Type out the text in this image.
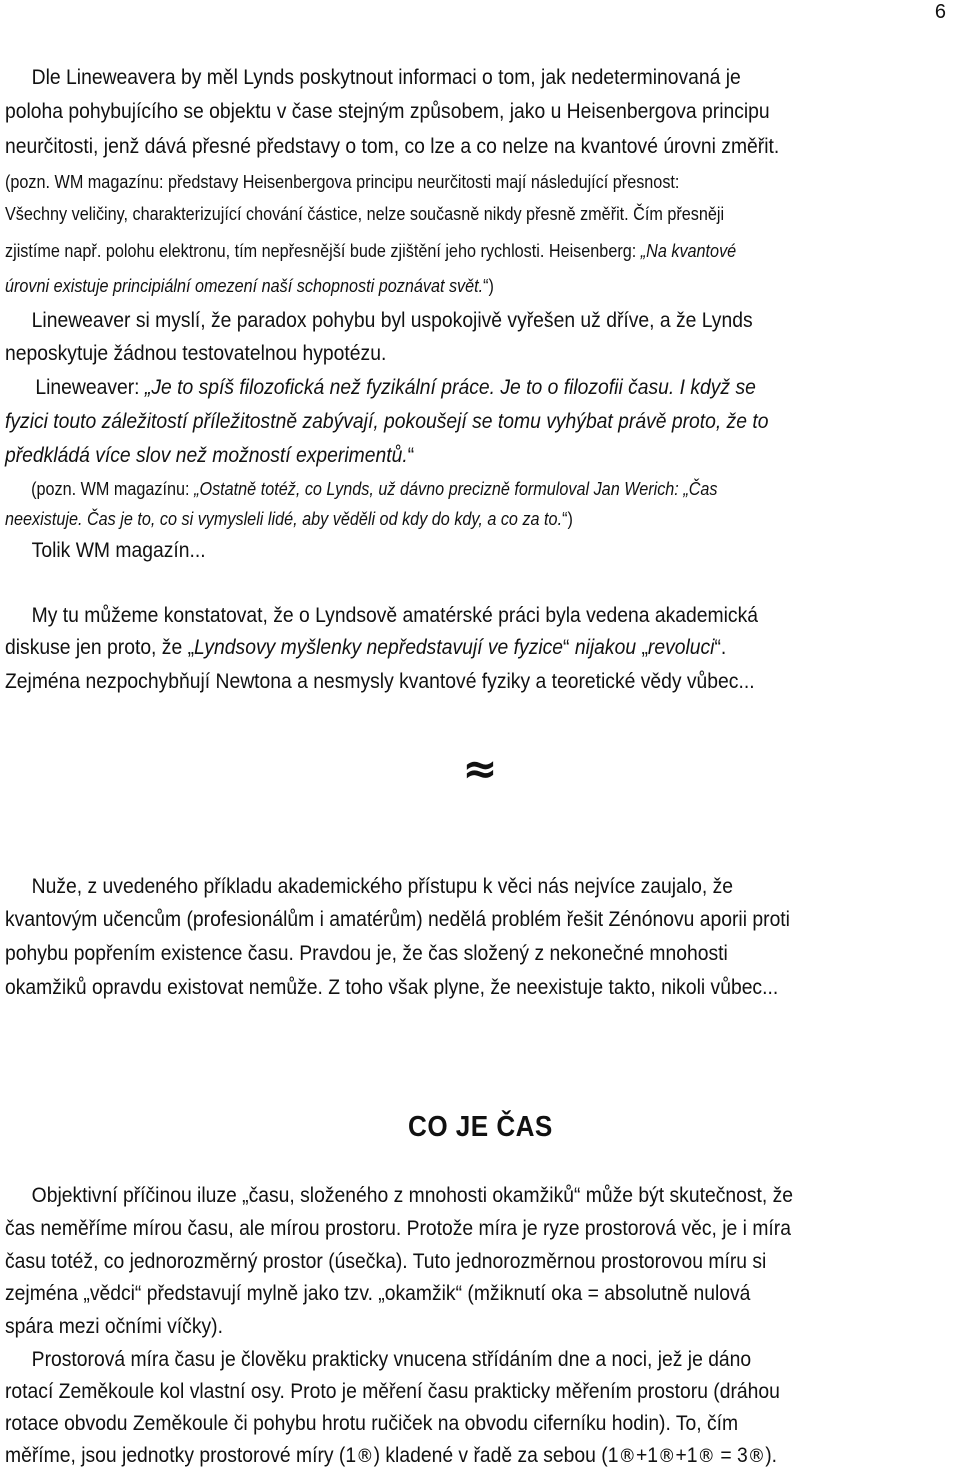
6
Dle Lineweavera by měl Lynds poskytnout informaci o tom, jak nedeterminovaná je
poloha pohybujícího se objektu v čase stejným způsobem, jako u Heisenbergova principu
neurčitosti, jenž dává přesné představy o tom, co lze a co nelze na kvantové úrovni změřit.
(pozn. WM magazínu: představy Heisenbergova principu neurčitosti mají následující přesnost:
Všechny veličiny, charakterizující chování částice, nelze současně nikdy přesně změřit. Čím přesněji
zjistíme např. polohu elektronu, tím nepřesnější bude zjištění jeho rychlosti. Heisenberg: „Na kvantové
úrovni existuje principiální omezení naší schopnosti poznávat svět.“)
Lineweaver si myslí, že paradox pohybu byl uspokojivě vyřešen už dříve, a že Lynds
neposkytuje žádnou testovatelnou hypotézu.
Lineweaver: „Je to spíš filozofická než fyzikální práce. Je to o filozofii času. I když se
fyzici touto záležitostí příležitostně zabývají, pokoušejí se tomu vyhýbat právě proto, že to
předkládá více slov než možností experimentů.“
(pozn. WM magazínu: „Ostatně totéž, co Lynds, už dávno precizně formuloval Jan Werich: „Čas
neexistuje. Čas je to, co si vymysleli lidé, aby věděli od kdy do kdy, a co za to.“)
Tolik WM magazín...
My tu můžeme konstatovat, že o Lyndsově amatérské práci byla vedena akademická
diskuse jen proto, že „Lyndsovy myšlenky nepředstavují ve fyzice“ nijakou „revoluci“.
Zejména nezpochybňují Newtona a nesmysly kvantové fyziky a teoretické vědy vůbec...
≈
Nuže, z uvedeného příkladu akademického přístupu k věci nás nejvíce zaujalo, že
kvantovým učencům (profesionálům i amatérům) nedělá problém řešit Zénónovu aporii proti
pohybu popřením existence času. Pravdou je, že čas složený z nekonečné mnohosti
okamžiků opravdu existovat nemůže. Z toho však plyne, že neexistuje takto, nikoli vůbec...
CO JE ČAS
Objektivní příčinou iluze „času, složeného z mnohosti okamžiků“ může být skutečnost, že
čas neměříme mírou času, ale mírou prostoru. Protože míra je ryze prostorová věc, je i míra
času totéž, co jednorozměrný prostor (úsečka). Tuto jednorozměrnou prostorovou míru si
zejména „vědci“ představují mylně jako tzv. „okamžik“ (mžiknutí oka = absolutně nulová
spára mezi očními víčky).
Prostorová míra času je člověku prakticky vnucena střídáním dne a noci, jež je dáno
rotací Zeměkoule kol vlastní osy. Proto je měření času prakticky měřením prostoru (dráhou
rotace obvodu Zeměkoule či pohybu hrotu ručiček na obvodu ciferníku hodin). To, čím
měříme, jsou jednotky prostorové míry (1®) kladené v řadě za sebou (1®+1®+1® = 3®).
